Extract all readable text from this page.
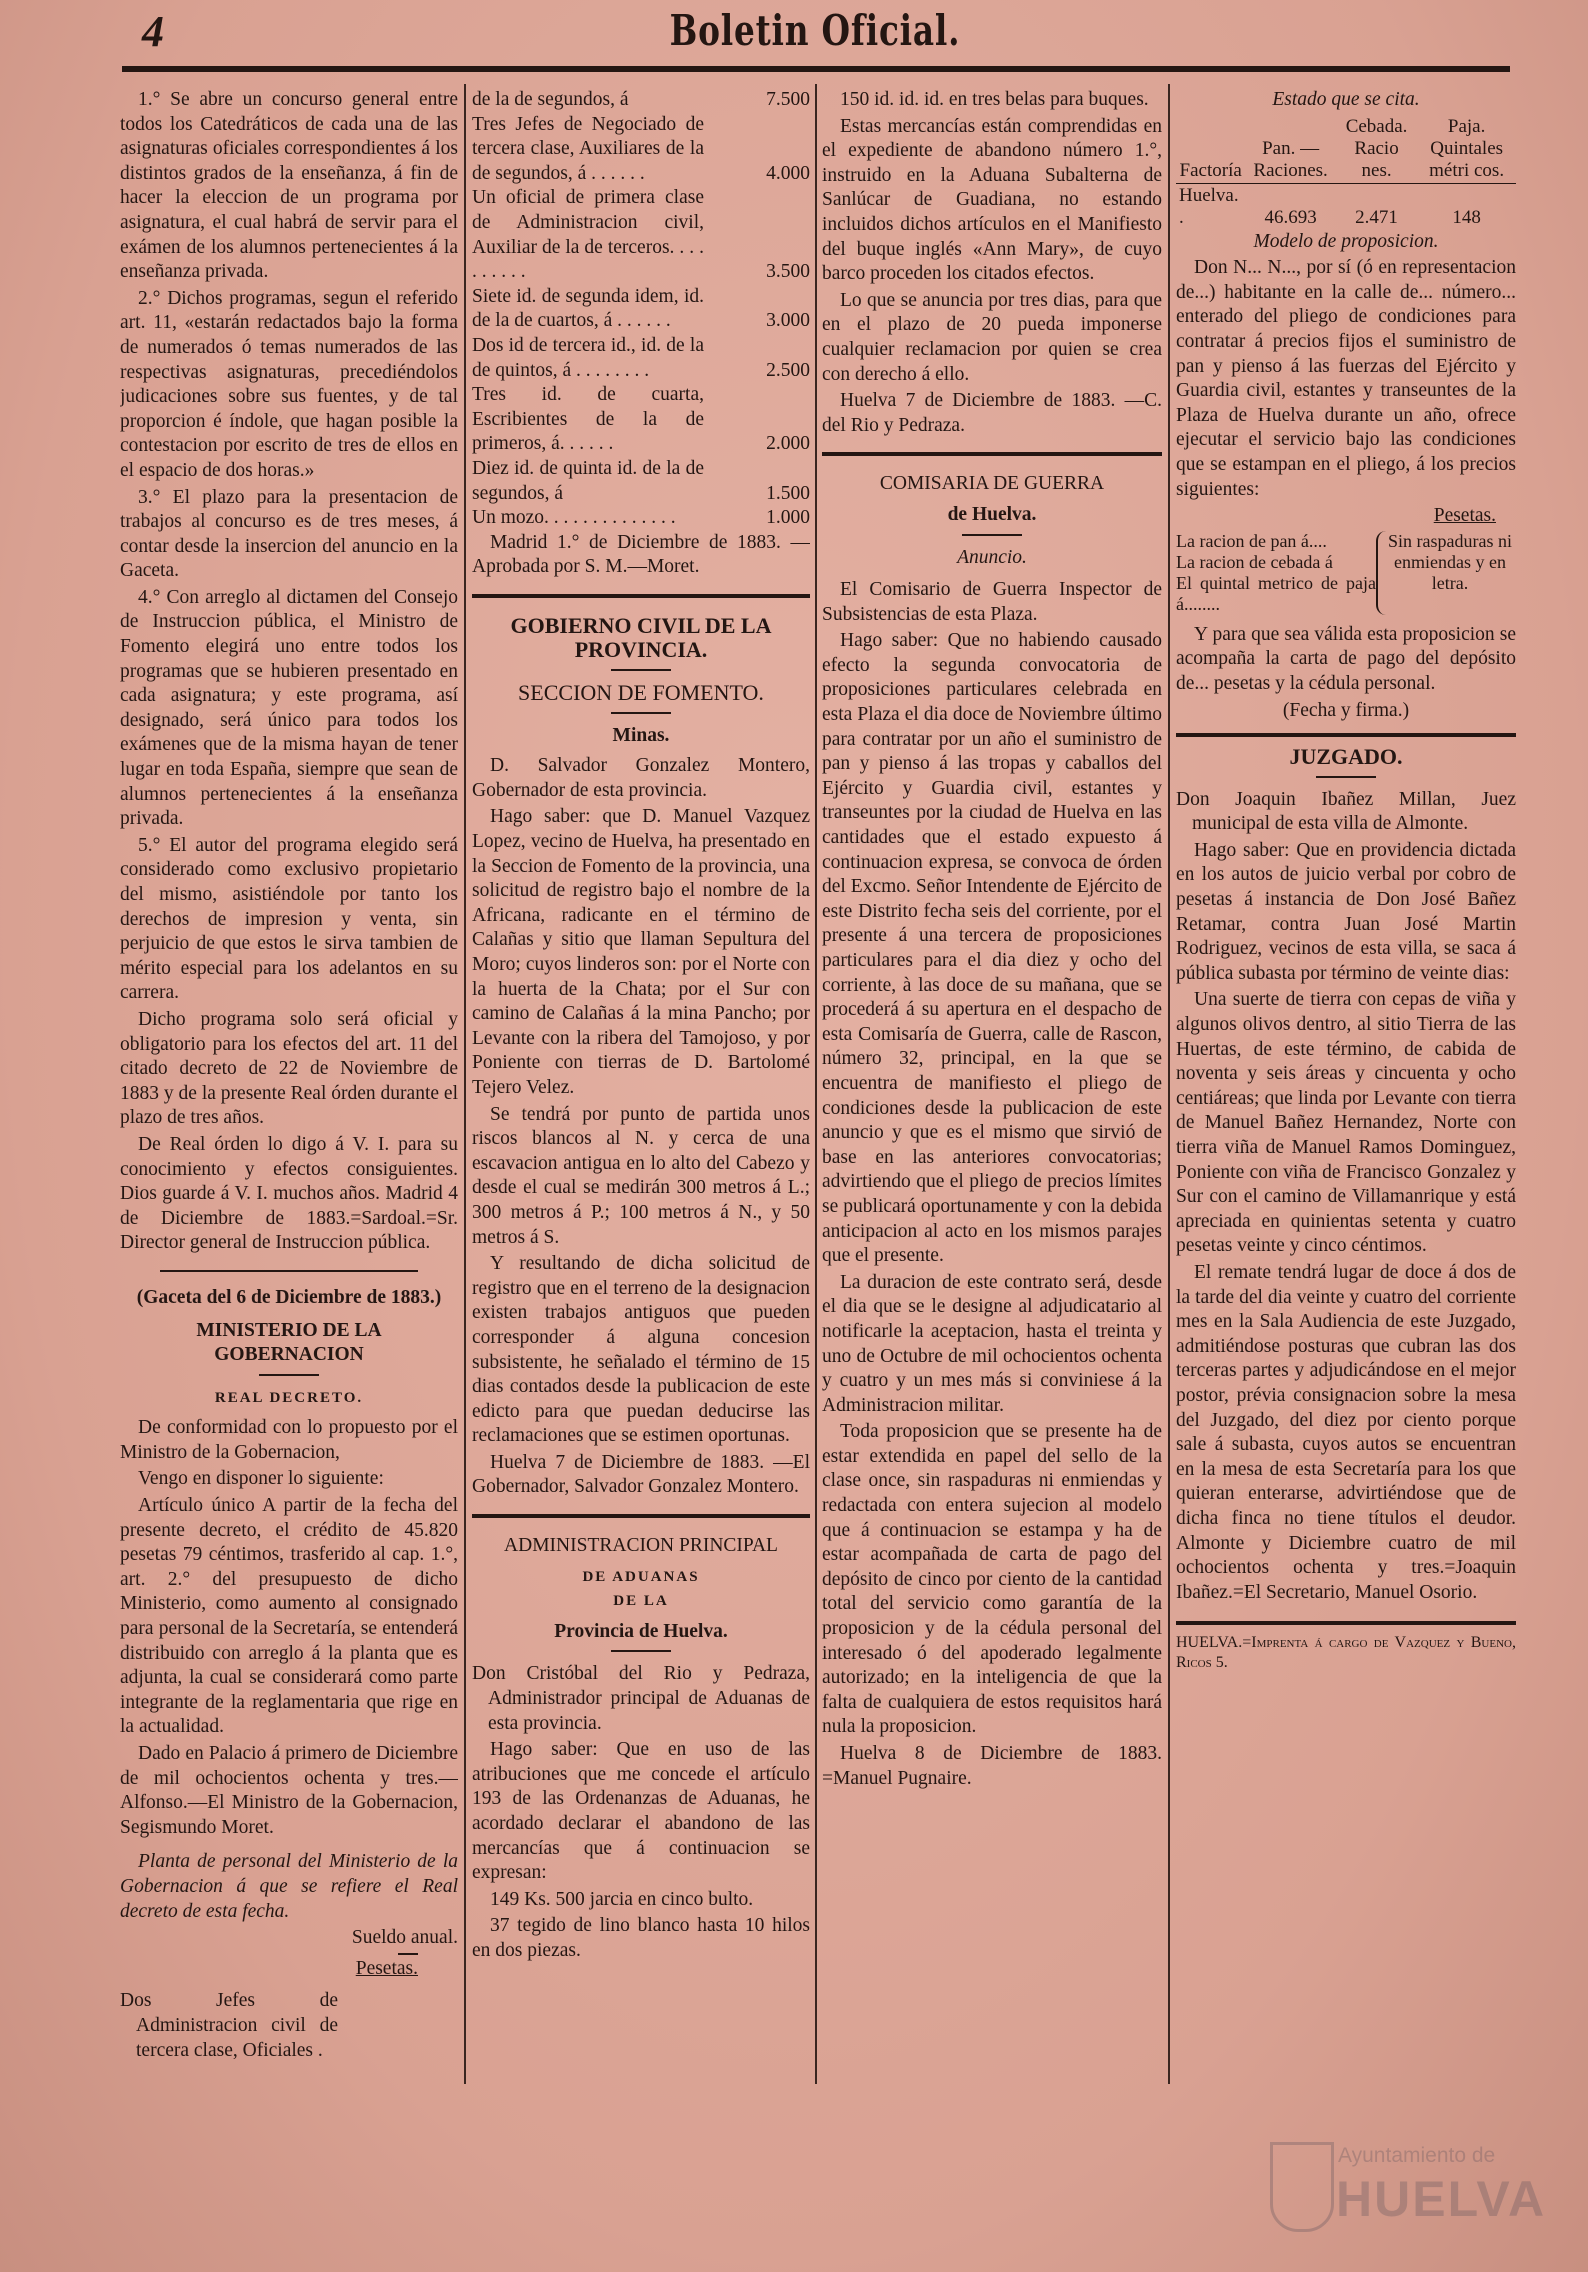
4	Boletin Oficial.

1.° Se abre un concurso general entre todos los Catedráticos de cada una de las asignaturas oficiales correspondientes á los distintos grados de la enseñanza, á fin de hacer la eleccion de un programa por asignatura, el cual habrá de servir para el exámen de los alumnos pertenecientes á la enseñanza privada.

2.° Dichos programas, segun el referido art. 11, «estarán redactados bajo la forma de numerados ó temas numerados de las respectivas asignaturas, precediéndolos judicaciones sobre sus fuentes, y de tal proporcion é índole, que hagan posible la contestacion por escrito de tres de ellos en el espacio de dos horas.»

3.° El plazo para la presentacion de trabajos al concurso es de tres meses, á contar desde la insercion del anuncio en la Gaceta.

4.° Con arreglo al dictamen del Consejo de Instruccion pública, el Ministro de Fomento elegirá uno entre todos los programas que se hubieren presentado en cada asignatura; y este programa, así designado, será único para todos los exámenes que de la misma hayan de tener lugar en toda España, siempre que sean de alumnos pertenecientes á la enseñanza privada.

5.° El autor del programa elegido será considerado como exclusivo propietario del mismo, asistiéndole por tanto los derechos de impresion y venta, sin perjuicio de que estos le sirva tambien de mérito especial para los adelantos en su carrera.

Dicho programa solo será oficial y obligatorio para los efectos del art. 11 del citado decreto de 22 de Noviembre de 1883 y de la presente Real órden durante el plazo de tres años.

De Real órden lo digo á V. I. para su conocimiento y efectos consiguientes. Dios guarde á V. I. muchos años. Madrid 4 de Diciembre de 1883.=Sardoal.=Sr. Director general de Instruccion pública.

(Gaceta del 6 de Diciembre de 1883.)

MINISTERIO DE LA GOBERNACION

REAL DECRETO.

De conformidad con lo propuesto por el Ministro de la Gobernacion,

Vengo en disponer lo siguiente:

Artículo único A partir de la fecha del presente decreto, el crédito de 45.820 pesetas 79 céntimos, trasferido al cap. 1.°, art. 2.° del presupuesto de dicho Ministerio, como aumento al consignado para personal de la Secretaría, se entenderá distribuido con arreglo á la planta que es adjunta, la cual se considerará como parte integrante de la reglamentaria que rige en la actualidad.

Dado en Palacio á primero de Diciembre de mil ochocientos ochenta y tres.—Alfonso.—El Ministro de la Gobernacion, Segismundo Moret.

Planta de personal del Ministerio de la Gobernacion á que se refiere el Real decreto de esta fecha.

Sueldo anual.

Pesetas.

Dos Jefes de Administracion civil de tercera clase, Oficiales .

de la de segundos, á	7.500
Tres Jefes de Negociado de tercera clase, Auxiliares de la de segundos, á . . . . . .	4.000
Un oficial de primera clase de Administracion civil, Auxiliar de la de terceros. . . . . . . . . .	3.500
Siete id. de segunda idem, id. de la de cuartos, á . . . . . .	3.000
Dos id de tercera id., id. de la de quintos, á . . . . . . . .	2.500
Tres id. de cuarta, Escribientes de la de primeros, á. . . . . .	2.000
Diez id. de quinta id. de la de segundos, á	1.500
Un mozo. . . . . . . . . . . . . .	1.000

Madrid 1.° de Diciembre de 1883. —Aprobada por S. M.—Moret.

GOBIERNO CIVIL DE LA PROVINCIA.

SECCION DE FOMENTO.

Minas.

D. Salvador Gonzalez Montero, Gobernador de esta provincia.

Hago saber: que D. Manuel Vazquez Lopez, vecino de Huelva, ha presentado en la Seccion de Fomento de la provincia, una solicitud de registro bajo el nombre de la Africana, radicante en el término de Calañas y sitio que llaman Sepultura del Moro; cuyos linderos son: por el Norte con la huerta de la Chata; por el Sur con camino de Calañas á la mina Pancho; por Levante con la ribera del Tamojoso, y por Poniente con tierras de D. Bartolomé Tejero Velez.

Se tendrá por punto de partida unos riscos blancos al N. y cerca de una escavacion antigua en lo alto del Cabezo y desde el cual se medirán 300 metros á L.; 300 metros á P.; 100 metros á N., y 50 metros á S.

Y resultando de dicha solicitud de registro que en el terreno de la designacion existen trabajos antiguos que pueden corresponder á alguna concesion subsistente, he señalado el término de 15 dias contados desde la publicacion de este edicto para que puedan deducirse las reclamaciones que se estimen oportunas.

Huelva 7 de Diciembre de 1883. —El Gobernador, Salvador Gonzalez Montero.

ADMINISTRACION PRINCIPAL

DE ADUANAS

DE LA

Provincia de Huelva.

Don Cristóbal del Rio y Pedraza, Administrador principal de Aduanas de esta provincia.

Hago saber: Que en uso de las atribuciones que me concede el artículo 193 de las Ordenanzas de Aduanas, he acordado declarar el abandono de las mercancías que á continuacion se expresan:

149 Ks. 500 jarcia en cinco bulto.

37 tegido de lino blanco hasta 10 hilos en dos piezas.

150 id. id. id. en tres belas para buques.

Estas mercancías están comprendidas en el expediente de abandono número 1.°, instruido en la Aduana Subalterna de Sanlúcar de Guadiana, no estando incluidos dichos artículos en el Manifiesto del buque inglés «Ann Mary», de cuyo barco proceden los citados efectos.

Lo que se anuncia por tres dias, para que en el plazo de 20 pueda imponerse cualquier reclamacion por quien se crea con derecho á ello.

Huelva 7 de Diciembre de 1883. —C. del Rio y Pedraza.

COMISARIA DE GUERRA

de Huelva.

Anuncio.

El Comisario de Guerra Inspector de Subsistencias de esta Plaza.

Hago saber: Que no habiendo causado efecto la segunda convocatoria de proposiciones particulares celebrada en esta Plaza el dia doce de Noviembre último para contratar por un año el suministro de pan y pienso á las tropas y caballos del Ejército y Guardia civil, estantes y transeuntes por la ciudad de Huelva en las cantidades que el estado expuesto á continuacion expresa, se convoca de órden del Excmo. Señor Intendente de Ejército de este Distrito fecha seis del corriente, por el presente á una tercera de proposiciones particulares para el dia diez y ocho del corriente, à las doce de su mañana, que se procederá á su apertura en el despacho de esta Comisaría de Guerra, calle de Rascon, número 32, principal, en la que se encuentra de manifiesto el pliego de condiciones desde la publicacion de este anuncio y que es el mismo que sirvió de base en las anteriores convocatorias; advirtiendo que el pliego de precios límites se publicará oportunamente y con la debida anticipacion al acto en los mismos parajes que el presente.

La duracion de este contrato será, desde el dia que se le designe al adjudicatario al notificarle la aceptacion, hasta el treinta y uno de Octubre de mil ochocientos ochenta y cuatro y un mes más si conviniese á la Administracion militar.

Toda proposicion que se presente ha de estar extendida en papel del sello de la clase once, sin raspaduras ni enmiendas y redactada con entera sujecion al modelo que á continuacion se estampa y ha de estar acompañada de carta de pago del depósito de cinco por ciento de la cantidad total del servicio como garantía de la proposicion y de la cédula personal del interesado ó del apoderado legalmente autorizado; en la inteligencia de que la falta de cualquiera de estos requisitos hará nula la proposicion.

Huelva 8 de Diciembre de 1883. =Manuel Pugnaire.

Estado que se cita.

Factoría	Pan. — Raciones.	Cebada. Racio nes.	Paja. Quintales métri cos.
Huelva. .	46.693	2.471	148

Modelo de proposicion.

Don N... N..., por sí (ó en representacion de...) habitante en la calle de... número... enterado del pliego de condiciones para contratar á precios fijos el suministro de pan y pienso á las fuerzas del Ejército y Guardia civil, estantes y transeuntes de la Plaza de Huelva durante un año, ofrece ejecutar el servicio bajo las condiciones que se estampan en el pliego, á los precios siguientes:

Pesetas.

La racion de pan á....
La racion de cebada á
El quintal metrico de paja á........
Sin raspaduras ni enmiendas y en letra.

Y para que sea válida esta proposicion se acompaña la carta de pago del depósito de... pesetas y la cédula personal.

(Fecha y firma.)

JUZGADO.

Don Joaquin Ibañez Millan, Juez municipal de esta villa de Almonte.

Hago saber: Que en providencia dictada en los autos de juicio verbal por cobro de pesetas á instancia de Don José Bañez Retamar, contra Juan José Martin Rodriguez, vecinos de esta villa, se saca á pública subasta por término de veinte dias:

Una suerte de tierra con cepas de viña y algunos olivos dentro, al sitio Tierra de las Huertas, de este término, de cabida de noventa y seis áreas y cincuenta y ocho centiáreas; que linda por Levante con tierra de Manuel Bañez Hernandez, Norte con tierra viña de Manuel Ramos Dominguez, Poniente con viña de Francisco Gonzalez y Sur con el camino de Villamanrique y está apreciada en quinientas setenta y cuatro pesetas veinte y cinco céntimos.

El remate tendrá lugar de doce á dos de la tarde del dia veinte y cuatro del corriente mes en la Sala Audiencia de este Juzgado, admitiéndose posturas que cubran las dos terceras partes y adjudicándose en el mejor postor, prévia consignacion sobre la mesa del Juzgado, del diez por ciento porque sale á subasta, cuyos autos se encuentran en la mesa de esta Secretaría para los que quieran enterarse, advirtiéndose que de dicha finca no tiene títulos el deudor. Almonte y Diciembre cuatro de mil ochocientos ochenta y tres.=Joaquin Ibañez.=El Secretario, Manuel Osorio.

HUELVA.=Imprenta á cargo de Vazquez y Bueno, Ricos 5.

Ayuntamiento de
HUELVA
